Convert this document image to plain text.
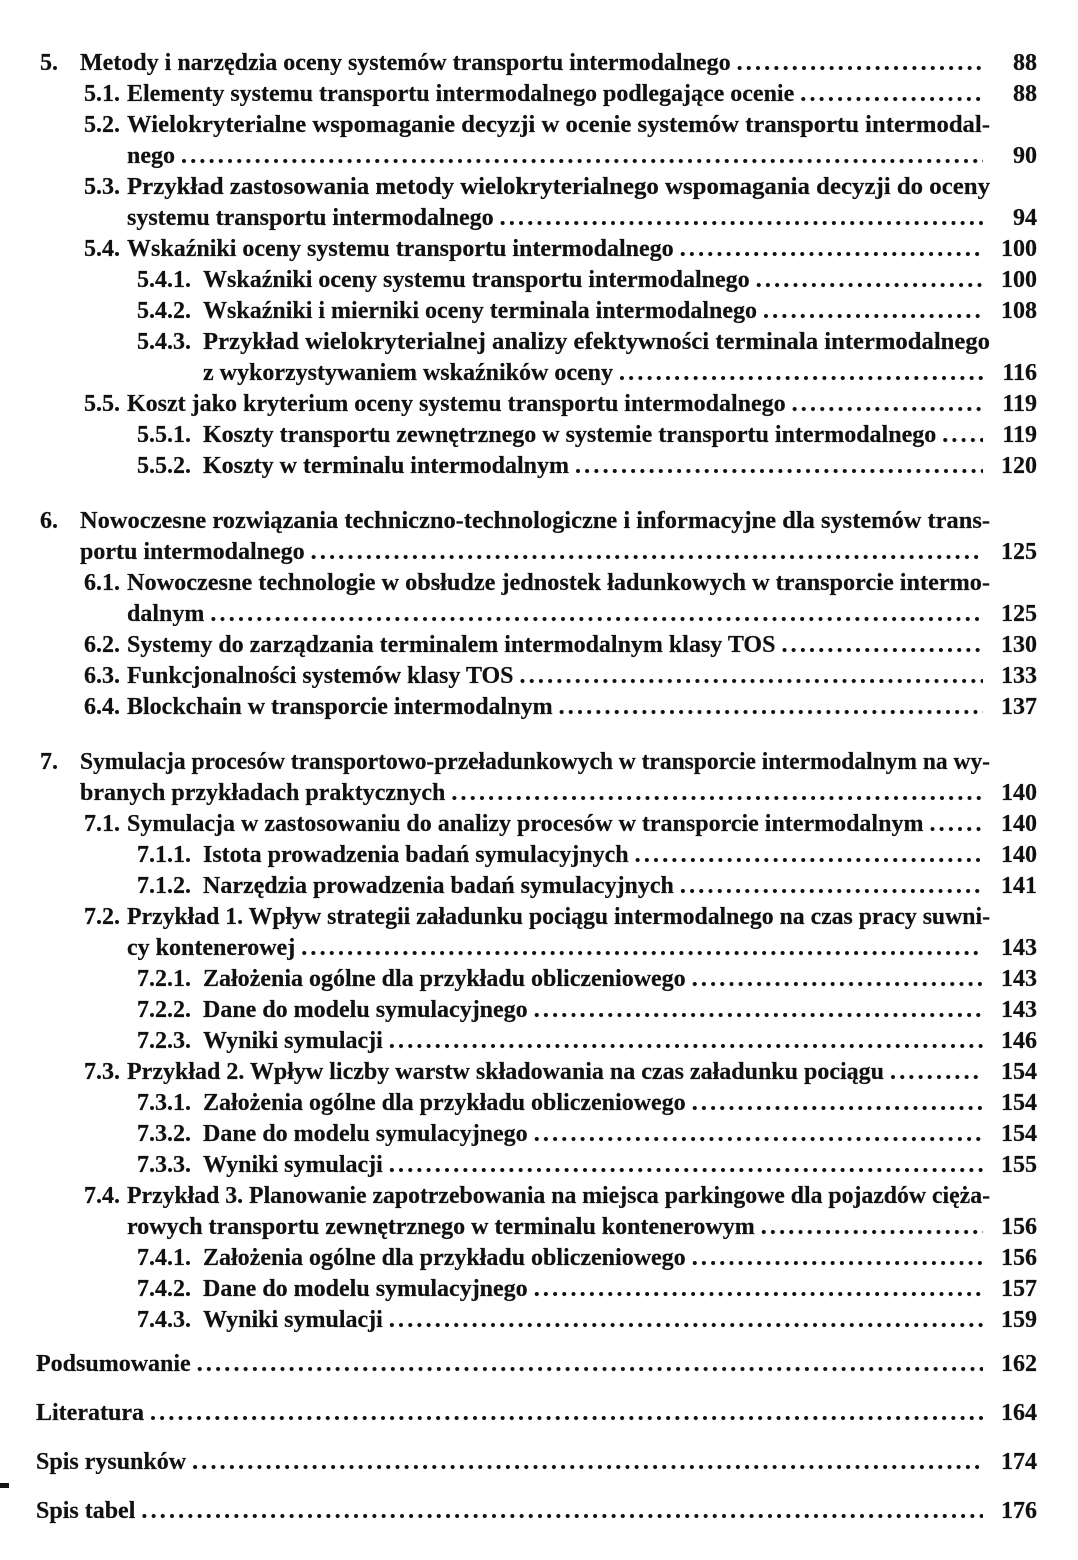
5. Metody i narzędzia oceny systemów transportu intermodalnego .....	88
5.1. Elementy systemu transportu intermodalnego podlegające ocenie .....	88
5.2. Wielokryterialne wspomaganie decyzji w ocenie systemów transportu intermodal-
nego .....	90
5.3. Przykład zastosowania metody wielokryterialnego wspomagania decyzji do oceny
systemu transportu intermodalnego .....	94
5.4. Wskaźniki oceny systemu transportu intermodalnego .....	100
5.4.1. Wskaźniki oceny systemu transportu intermodalnego .....	100
5.4.2. Wskaźniki i mierniki oceny terminala intermodalnego .....	108
5.4.3. Przykład wielokryterialnej analizy efektywności terminala intermodalnego
z wykorzystywaniem wskaźników oceny .....	116
5.5. Koszt jako kryterium oceny systemu transportu intermodalnego .....	119
5.5.1. Koszty transportu zewnętrznego w systemie transportu intermodalnego .....	119
5.5.2. Koszty w terminalu intermodalnym .....	120
6. Nowoczesne rozwiązania techniczno-technologiczne i informacyjne dla systemów trans-
portu intermodalnego .....	125
6.1. Nowoczesne technologie w obsłudze jednostek ładunkowych w transporcie intermo-
dalnym .....	125
6.2. Systemy do zarządzania terminalem intermodalnym klasy TOS .....	130
6.3. Funkcjonalności systemów klasy TOS .....	133
6.4. Blockchain w transporcie intermodalnym .....	137
7. Symulacja procesów transportowo-przeładunkowych w transporcie intermodalnym na wy-
branych przykładach praktycznych .....	140
7.1. Symulacja w zastosowaniu do analizy procesów w transporcie intermodalnym .....	140
7.1.1. Istota prowadzenia badań symulacyjnych .....	140
7.1.2. Narzędzia prowadzenia badań symulacyjnych .....	141
7.2. Przykład 1. Wpływ strategii załadunku pociągu intermodalnego na czas pracy suwni-
cy kontenerowej .....	143
7.2.1. Założenia ogólne dla przykładu obliczeniowego .....	143
7.2.2. Dane do modelu symulacyjnego .....	143
7.2.3. Wyniki symulacji .....	146
7.3. Przykład 2. Wpływ liczby warstw składowania na czas załadunku pociągu .....	154
7.3.1. Założenia ogólne dla przykładu obliczeniowego .....	154
7.3.2. Dane do modelu symulacyjnego .....	154
7.3.3. Wyniki symulacji .....	155
7.4. Przykład 3. Planowanie zapotrzebowania na miejsca parkingowe dla pojazdów cięża-
rowych transportu zewnętrznego w terminalu kontenerowym .....	156
7.4.1. Założenia ogólne dla przykładu obliczeniowego .....	156
7.4.2. Dane do modelu symulacyjnego .....	157
7.4.3. Wyniki symulacji .....	159
Podsumowanie .....	162
Literatura .....	164
Spis rysunków .....	174
Spis tabel .....	176
